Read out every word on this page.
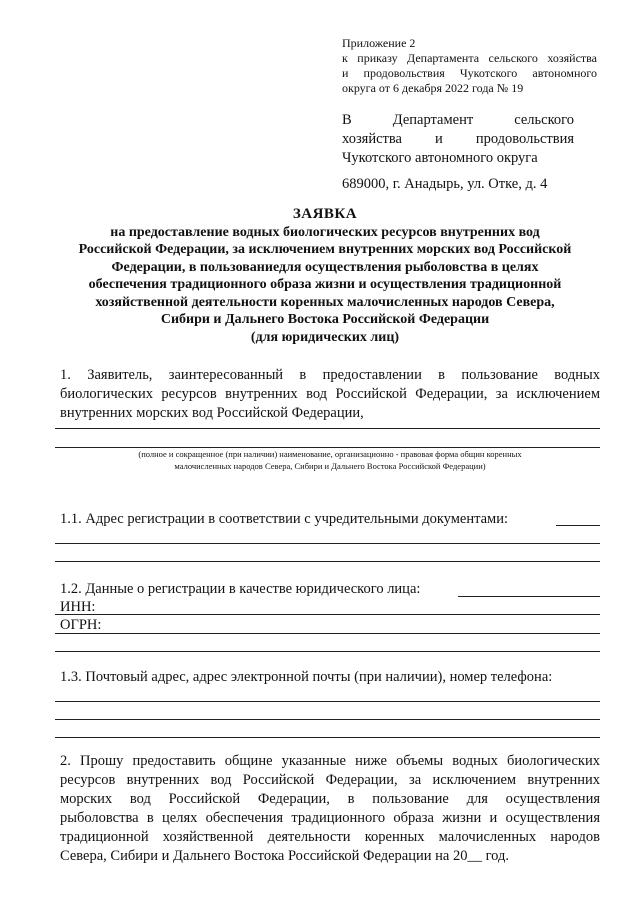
Приложение 2
к приказу Департамента сельского хозяйства
и продовольствия Чукотского автономного
округа от 6 декабря 2022 года № 19
В Департамент сельского
хозяйства и продовольствия
Чукотского автономного округа
689000, г. Анадырь, ул. Отке, д. 4
ЗАЯВКА
на предоставление водных биологических ресурсов внутренних вод
Российской Федерации, за исключением внутренних морских вод Российской
Федерации, в пользованиедля осуществления рыболовства в целях
обеспечения традиционного образа жизни и осуществления традиционной
хозяйственной деятельности коренных малочисленных народов Севера,
Сибири и Дальнего Востока Российской Федерации
(для юридических лиц)
1. Заявитель, заинтересованный в предоставлении в пользование водных
биологических ресурсов внутренних вод Российской Федерации, за исключением
внутренних морских вод Российской Федерации,
(полное и сокращенное (при наличии) наименование, организационно - правовая форма общин коренных
малочисленных народов Севера, Сибири и Дальнего Востока Российской Федерации)
1.1. Адрес регистрации в соответствии с учредительными документами:
1.2. Данные о регистрации в качестве юридического лица:
ИНН:
ОГРН:
1.3. Почтовый адрес, адрес электронной почты (при наличии), номер телефона:
2. Прошу предоставить общине указанные ниже объемы водных биологических
ресурсов внутренних вод Российской Федерации, за исключением внутренних
морских вод Российской Федерации, в пользование для осуществления
рыболовства в целях обеспечения традиционного образа жизни и осуществления
традиционной хозяйственной деятельности коренных малочисленных народов
Севера, Сибири и Дальнего Востока Российской Федерации на 20__ год.
